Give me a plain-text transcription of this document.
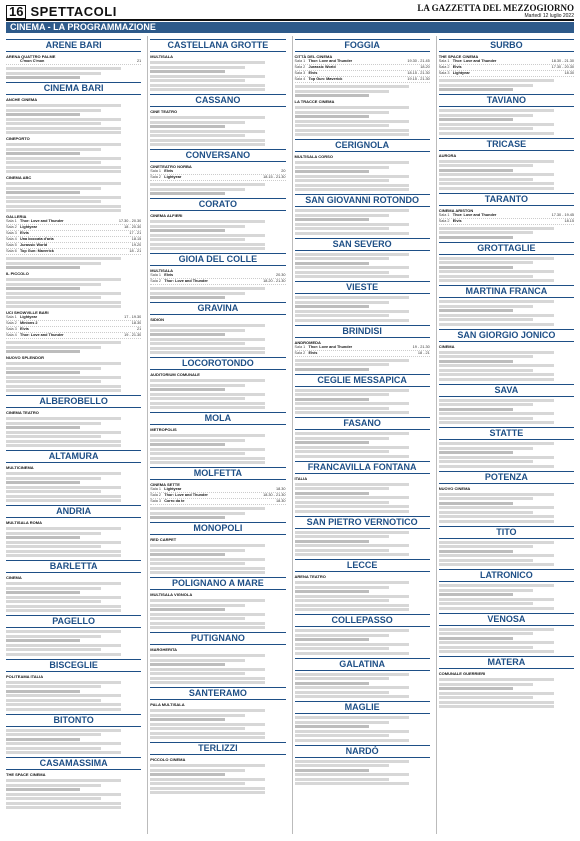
16 SPETTACOLI	LA GAZZETTA DEL MEZZOGIORNO
Martedì 12 luglio 2022
CINEMA - LA PROGRAMMAZIONE
ARENE BARI
ARENA QUATTRO PALME
C'mon C'mon	21
CINEMA BARI
ANCHE CINEMA
CINEPORTO
CINEMA ABC
GALLERIA
Sala 1 Thor: Love and Thunder	17.30 - 20.30
Sala 2 Lightyear	18 - 20.30
Sala 3 Elvis	17 - 21
Sala 4 Una boccata d'aria	18.15
Sala 5 Jurassic World	19.20
Sala 6 Top Gun: Maverick	18 - 21
IL PICCOLO
UCI SHOWVILLE BARI
Sala 1 Lightyear	17 - 19.30
Sala 2 Minions 2	18.30
Sala 3 Elvis	21
Sala 4 Thor: Love and Thunder	19 - 21.30
NUOVO SPLENDOR
ALBEROBELLO
CINEMA TEATRO
ALTAMURA
MULTICINEMA
ANDRIA
MULTISALA ROMA
BARLETTA
CINEMA
PAGELLO
BISCEGLIE
POLITEAMA ITALIA
BITONTO
CASAMASSIMA
THE SPACE CINEMA
CASTELLANA GROTTE
MULTISALA
CASSANO
CINE TEATRO
CONVERSANO
CINETEATRO NORBA
Sala 1 Elvis	20
Sala 2 Lightyear	18.15 - 21.30
CORATO
CINEMA ALFIERI
GIOIA DEL COLLE
MULTISALA
Sala 1 Elvis	20.30
Sala 2 Thor: Love and Thunder	18.20 - 21.30
GRAVINA
SIDION
LOCOROTONDO
AUDITORIUM COMUNALE
MOLA
METROPOLIS
MOLFETTA
CINEMA SETTE
Sala 1 Lightyear	18.30
Sala 2 Thor: Love and Thunder	18.30 - 21.30
Sala 3 Corro da te	18.30
MONOPOLI
RED CARPET
POLIGNANO A MARE
MULTISALA VIGNOLA
PUTIGNANO
MARGHERITA
SANTERAMO
PALA MULTISALA
TERLIZZI
PICCOLO CINEMA
FOGGIA
CITTÀ DEL CINEMA
Sala 1 Thor: Love and Thunder	19.30 - 21.45
Sala 2 Jurassic World	18.20
Sala 3 Elvis	18.15 - 21.30
Sala 4 Top Gun: Maverick	19.15 - 21.30
LA TRACCE CINEMA
CERIGNOLA
MULTISALA CORSO
SAN GIOVANNI ROTONDO
SAN SEVERO
VIESTE
BRINDISI
ANDROMEDA
Sala 1 Thor: Love and Thunder	19 - 21.30
Sala 2 Elvis	18 - 21
CEGLIE MESSAPICA
FASANO
FRANCAVILLA FONTANA
ITALIA
SAN PIETRO VERNOTICO
LECCE
ARENA TEATRO
COLLEPASSO
GALATINA
MAGLIE
NARDÒ
SURBO
THE SPACE CINEMA
Sala 1 Thor: Love and Thunder	18.30 - 21.30
Sala 2 Elvis	17.30 - 20.30
Sala 3 Lightyear	18.30
TAVIANO
TRICASE
AURORA
TARANTO
CINEMA ARISTON
Sala 1 Thor: Love and Thunder	17.30 - 19.45
Sala 2 Elvis	18.15
GROTTAGLIE
MARTINA FRANCA
SAN GIORGIO JONICO
CINEMA
SAVA
STATTE
POTENZA
NUOVO CINEMA
TITO
LATRONICO
VENOSA
MATERA
COMUNALE GUERRIERI
